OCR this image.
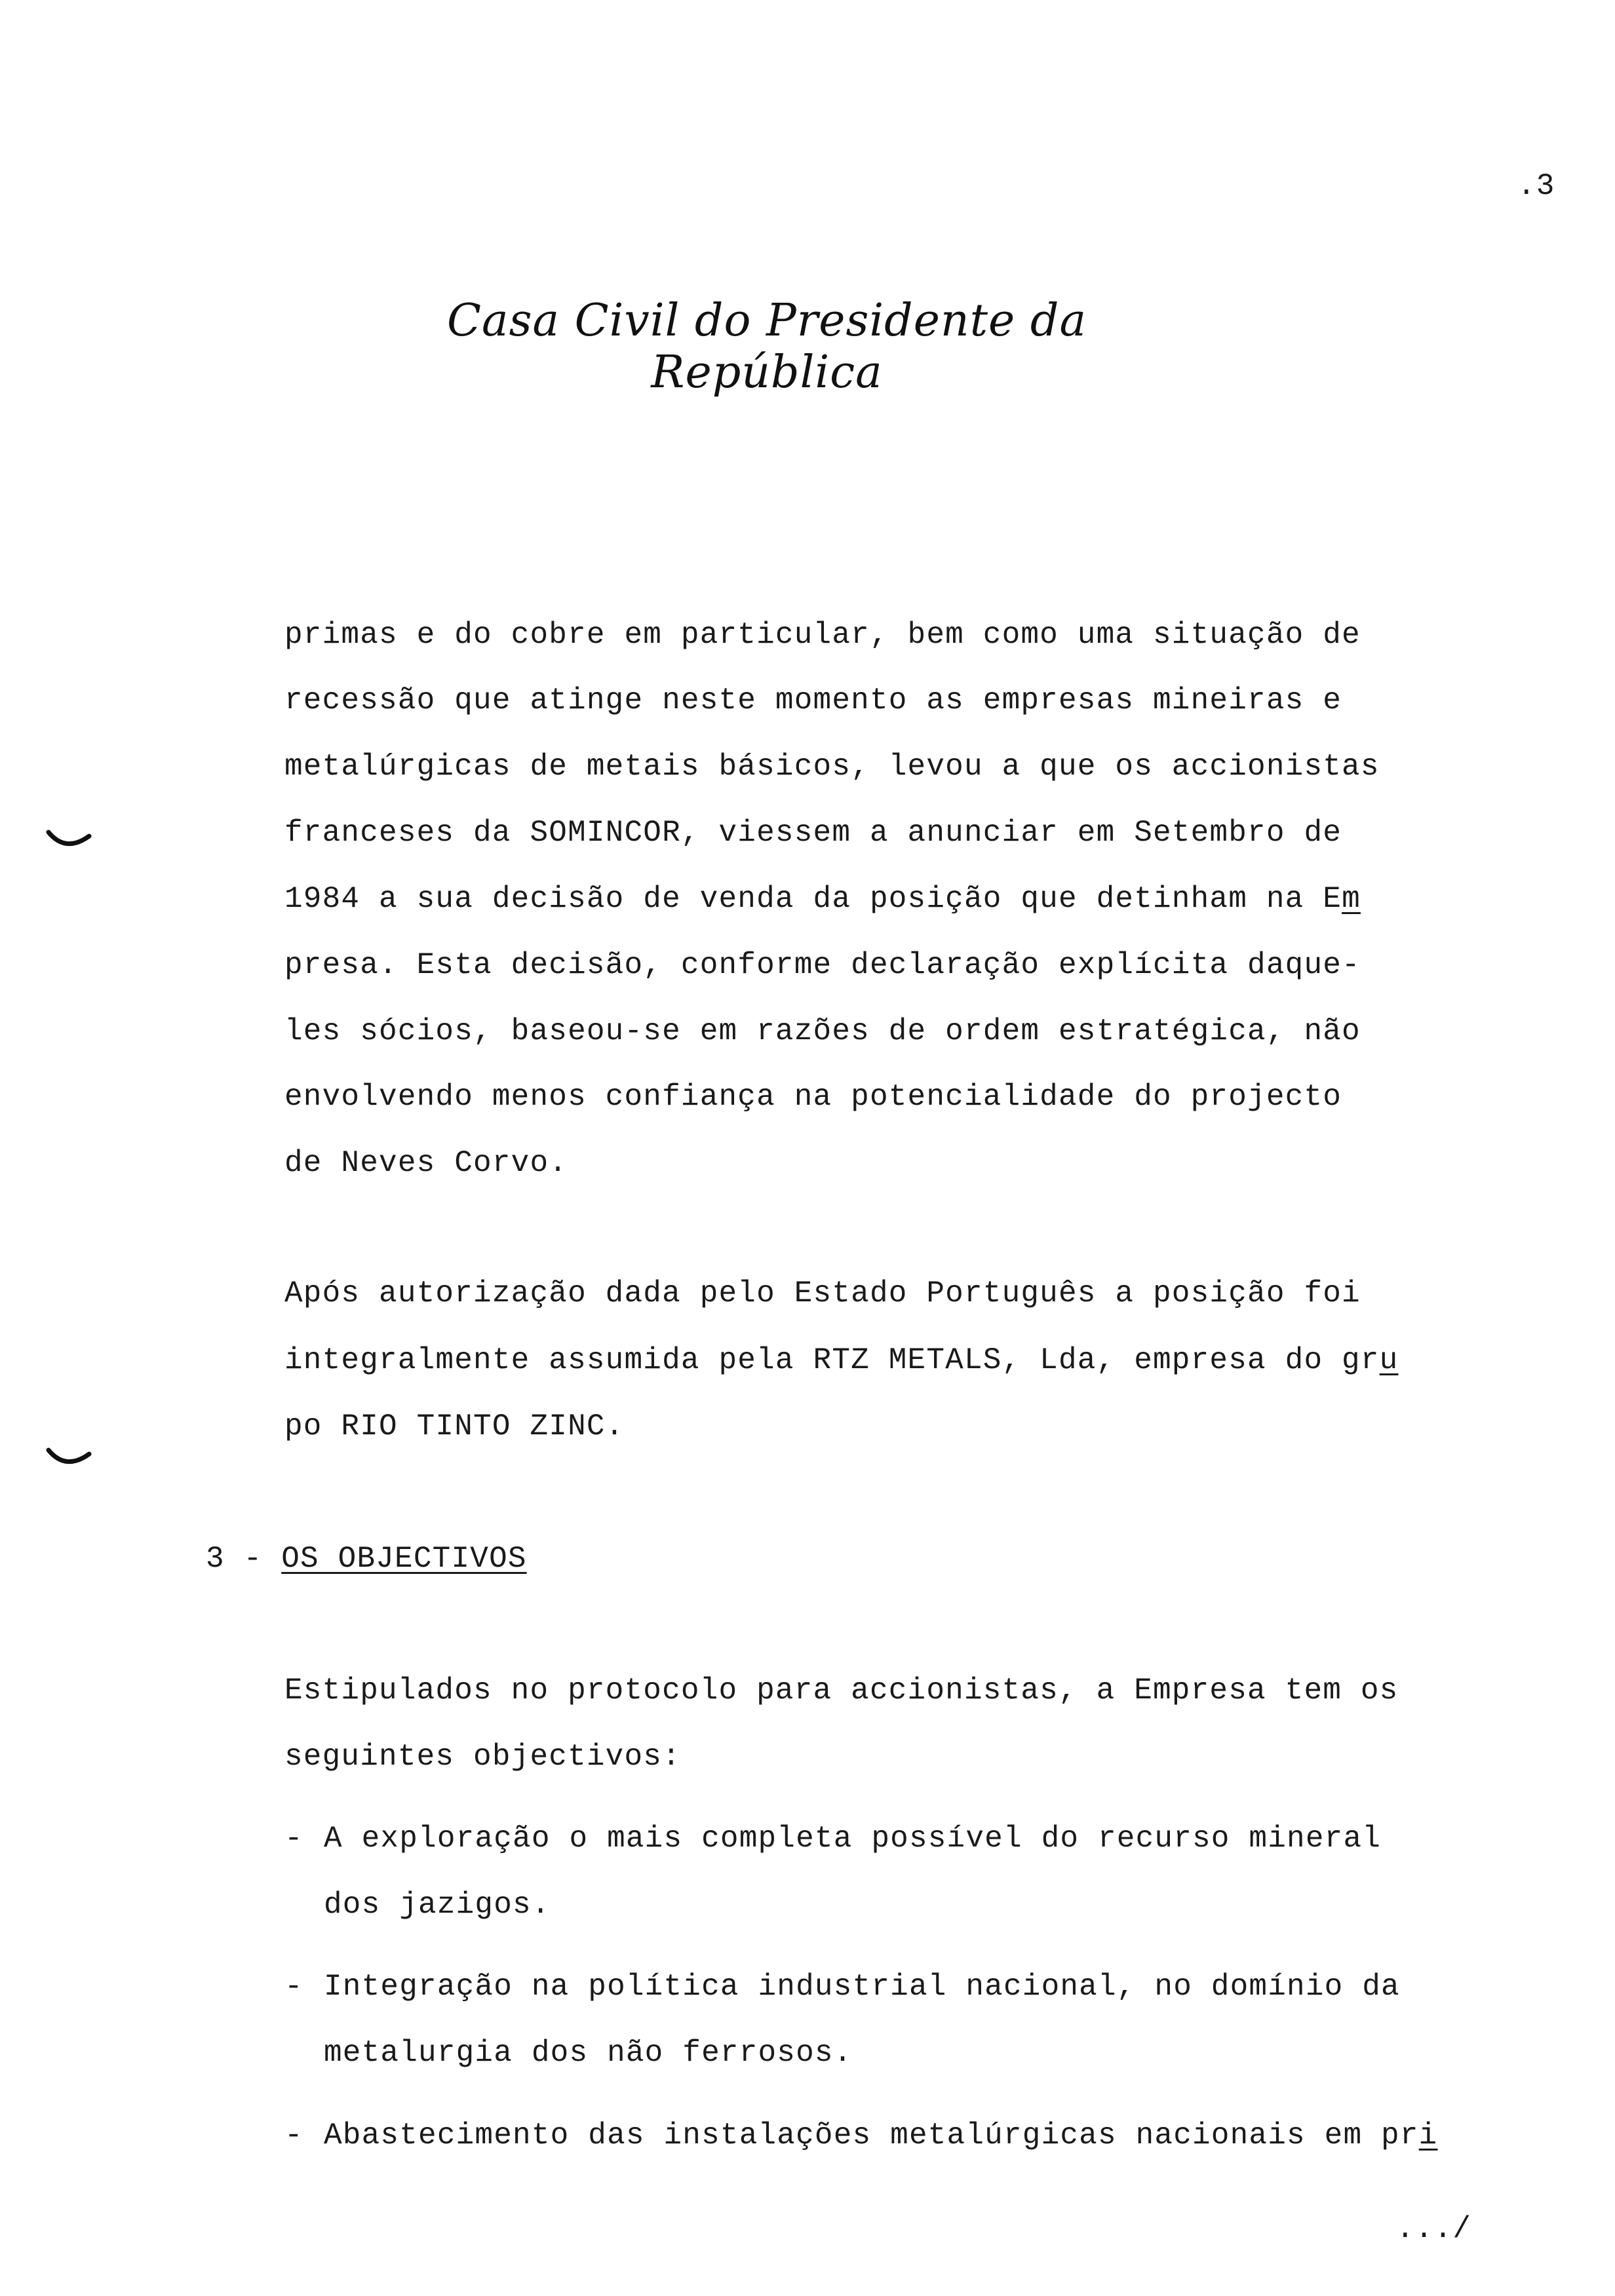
.3
Casa Civil do Presidente da República

primas e do cobre em particular, bem como uma situação de

recessão que atinge neste momento as empresas mineiras e

metalúrgicas de metais básicos, levou a que os accionistas

franceses da SOMINCOR, viessem a anunciar em Setembro de

1984 a sua decisão de venda da posição que detinham na Em

presa. Esta decisão, conforme declaração explícita daque-

les sócios, baseou-se em razões de ordem estratégica, não

envolvendo menos confiança na potencialidade do projecto

de Neves Corvo.

Após autorização dada pelo Estado Português a posição foi

integralmente assumida pela RTZ METALS, Lda, empresa do gru

po RIO TINTO ZINC.

3 - OS OBJECTIVOS

Estipulados no protocolo para accionistas, a Empresa tem os

seguintes objectivos:

- A exploração o mais completa possível do recurso mineral

dos jazigos.

- Integração na política industrial nacional, no domínio da

metalurgia dos não ferrosos.

- Abastecimento das instalações metalúrgicas nacionais em pri

.../
